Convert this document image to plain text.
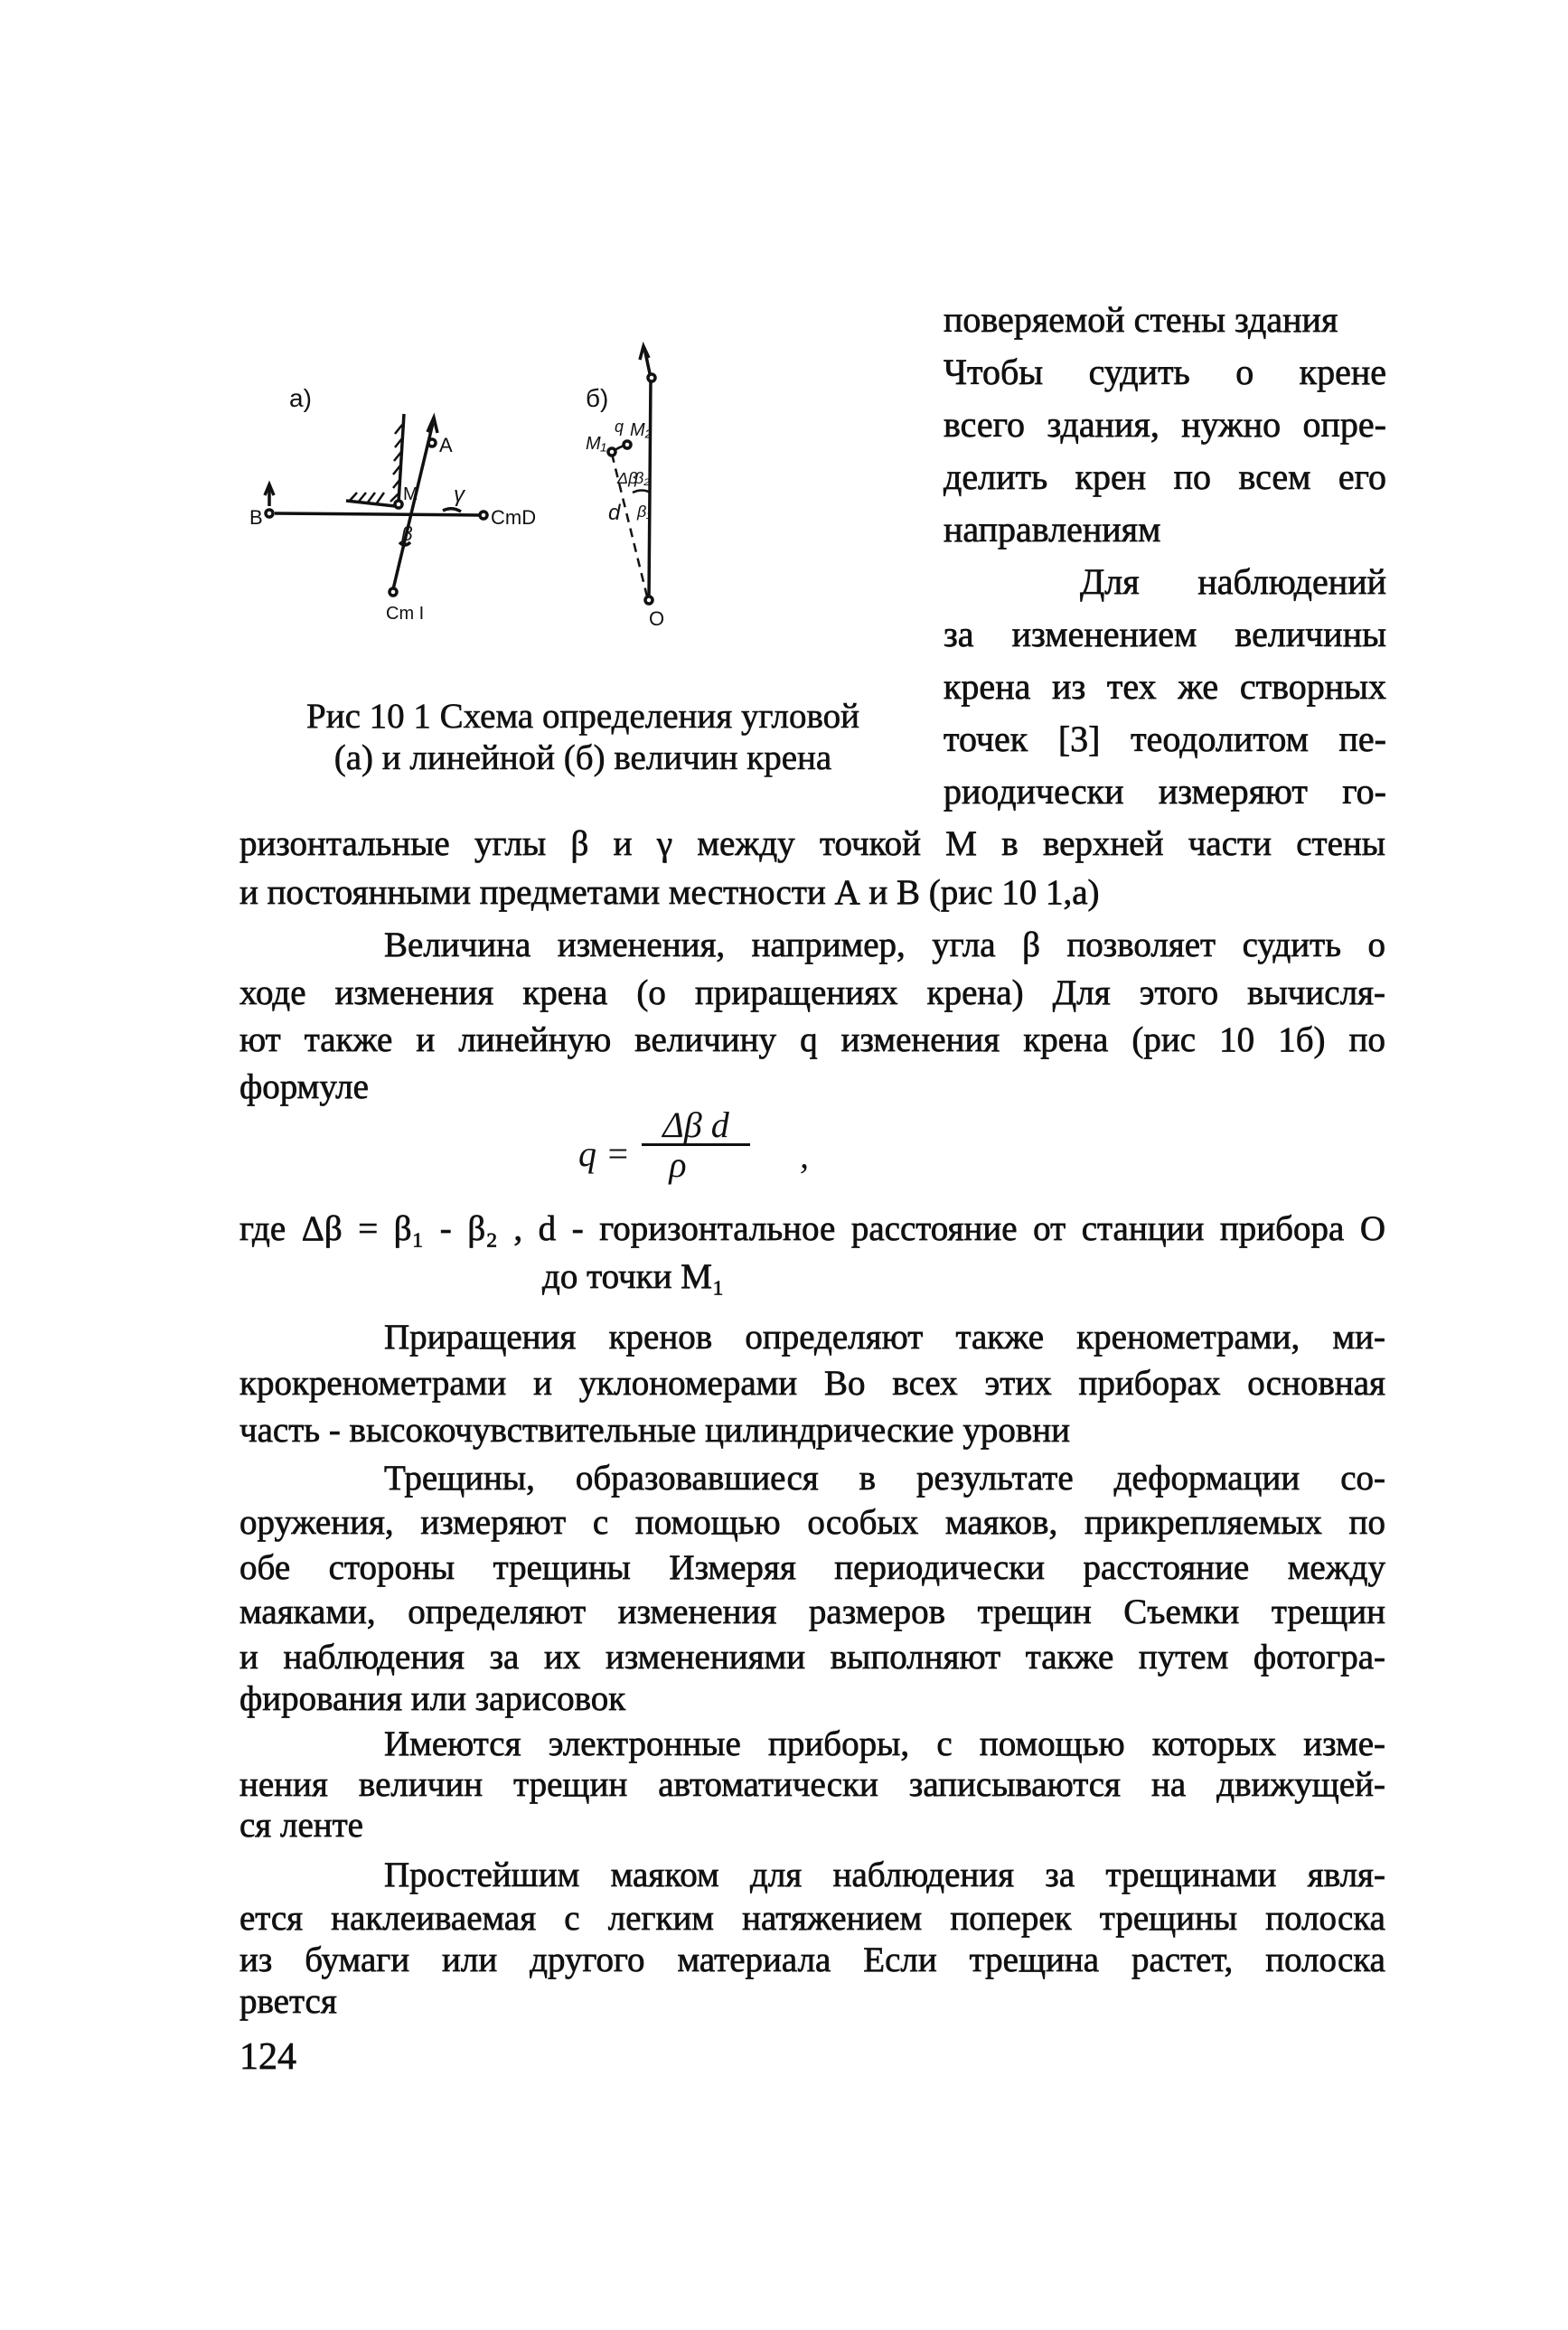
а)
B
A
M γ
β
CmD
Cm I
б)
M₁
M₂
q
Δβ
β₂
d β₁
O
Рис 10 1 Схема определения угловой
(а) и линейной (б) величин крена
поверяемой стены здания
Чтобы судить о крене
всего здания, нужно опре-
делить крен по всем его
направлениям
Для наблюдений
за изменением величины
крена из тех же створных
точек [3] теодолитом пе-
риодически измеряют го-
ризонтальные углы β и γ между точкой M в верхней части стены
и постоянными предметами местности А и В (рис 10 1,а)
Величина изменения, например, угла β позволяет судить о
ходе изменения крена (о приращениях крена) Для этого вычисля-
ют также и линейную величину q изменения крена (рис 10 1б) по
формуле
q =
Δβ d
ρ	,
где Δβ = β₁ - β₂ , d - горизонтальное расстояние от станции прибора О
до точки М₁
Приращения кренов определяют также кренометрами, ми-
крокренометрами и уклономерами Во всех этих приборах основная
часть - высокочувствительные цилиндрические уровни
Трещины, образовавшиеся в результате деформации со-
оружения, измеряют с помощью особых маяков, прикрепляемых по
обе стороны трещины Измеряя периодически расстояние между
маяками, определяют изменения размеров трещин Съемки трещин
и наблюдения за их изменениями выполняют также путем фотогра-
фирования или зарисовок
Имеются электронные приборы, с помощью которых изме-
нения величин трещин автоматически записываются на движущей-
ся ленте
Простейшим маяком для наблюдения за трещинами явля-
ется наклеиваемая с легким натяжением поперек трещины полоска
из бумаги или другого материала Если трещина растет, полоска
рвется
124
